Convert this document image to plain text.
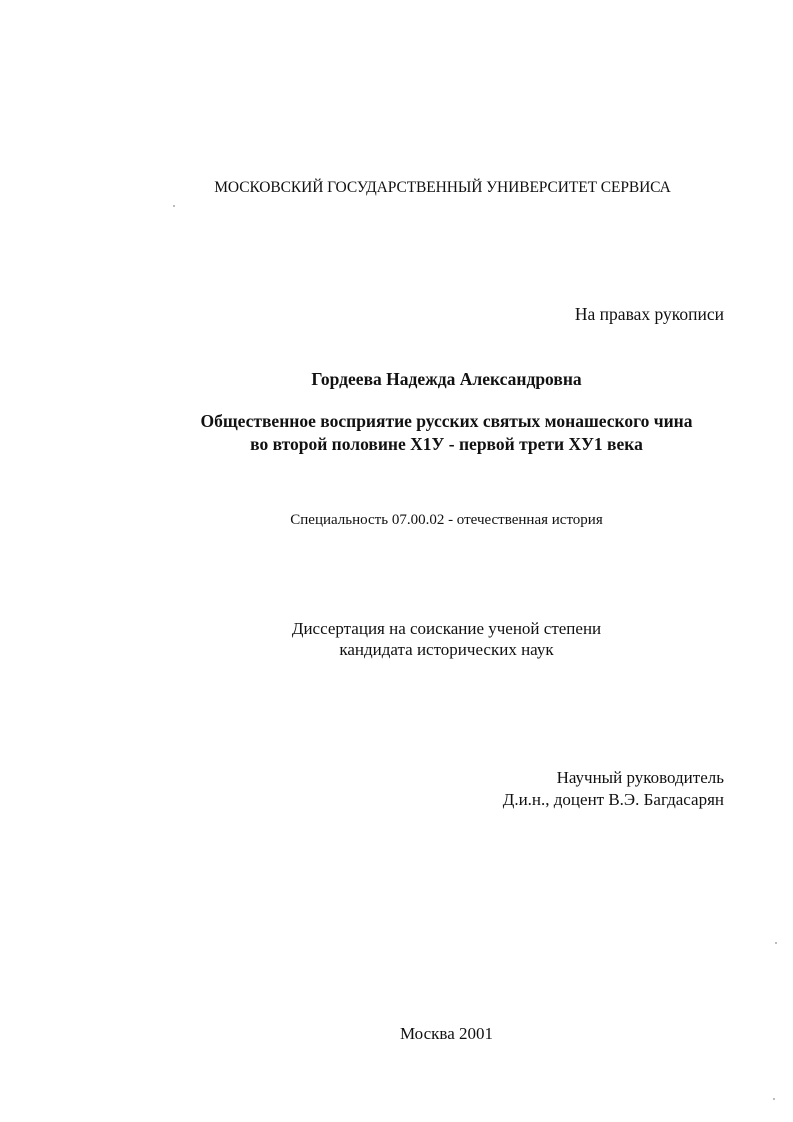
МОСКОВСКИЙ ГОСУДАРСТВЕННЫЙ УНИВЕРСИТЕТ СЕРВИСА
На правах рукописи
Гордеева Надежда Александровна
Общественное восприятие русских святых монашеского чина
во второй половине Х1У - первой трети ХУ1 века
Специальность 07.00.02 - отечественная история
Диссертация на соискание ученой степени
кандидата исторических наук
Научный руководитель
Д.и.н., доцент В.Э. Багдасарян
Москва 2001
